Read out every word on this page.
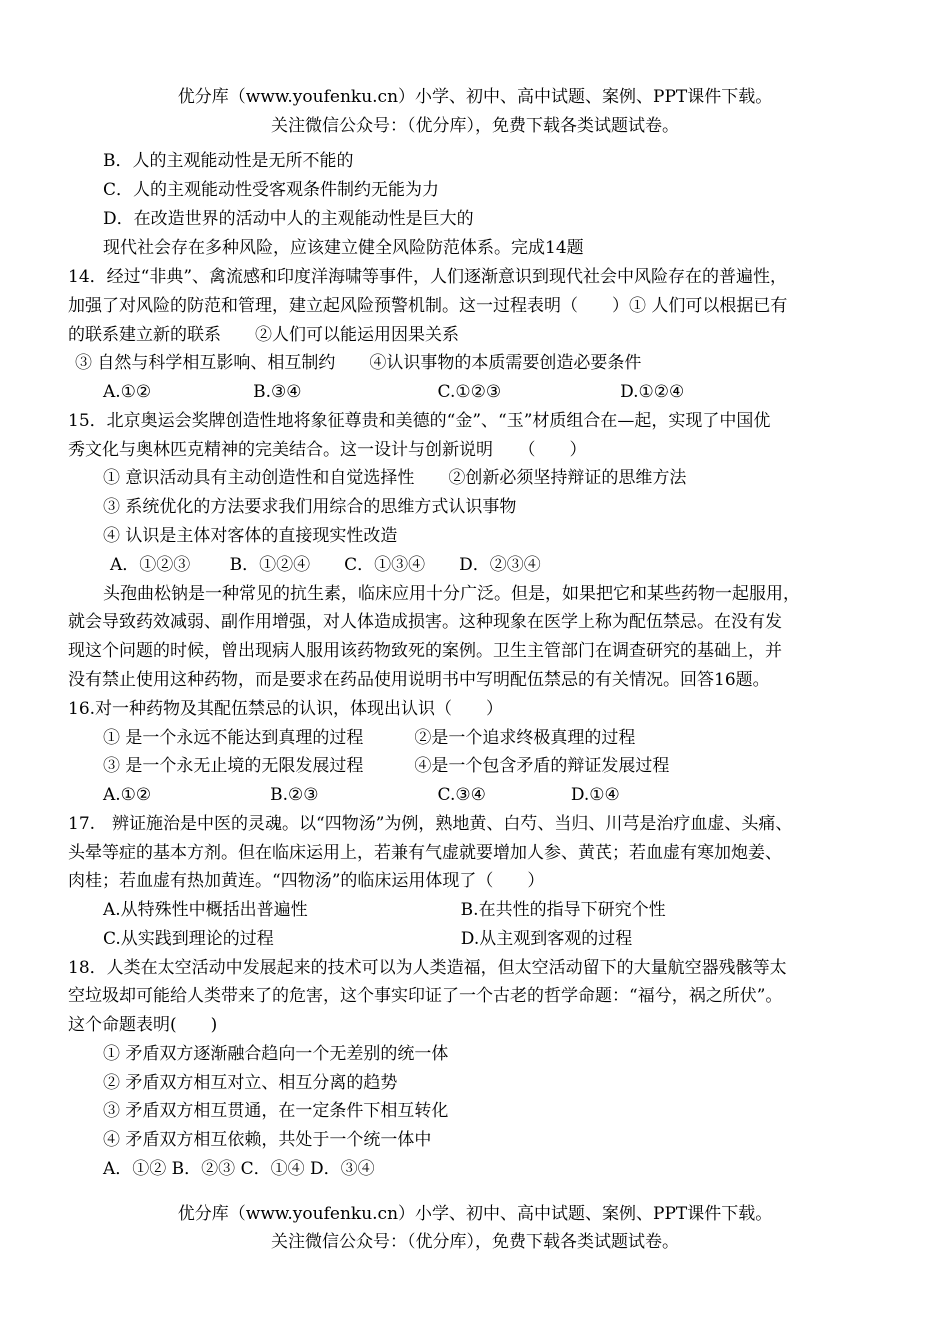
优分库（www.youfenku.cn）小学、初中、高中试题、案例、PPT课件下载。
关注微信公众号：（优分库），免费下载各类试题试卷。
B．人的主观能动性是无所不能的
C．人的主观能动性受客观条件制约无能为力
D．在改造世界的活动中人的主观能动性是巨大的
现代社会存在多种风险，应该建立健全风险防范体系。完成14题
14．经过“非典”、禽流感和印度洋海啸等事件，人们逐渐意识到现代社会中风险存在的普遍性，
加强了对风险的防范和管理，建立起风险预警机制。这一过程表明（　　）① 人们可以根据已有
的联系建立新的联系　　②人们可以能运用因果关系
③ 自然与科学相互影响、相互制约　　④认识事物的本质需要创造必要条件
A.①②　　　　　　B.③④　　　　　　　　C.①②③　　　　　　　D.①②④
15．北京奥运会奖牌创造性地将象征尊贵和美德的“金”、“玉”材质组合在—起，实现了中国优
秀文化与奥林匹克精神的完美结合。这一设计与创新说明　　（　　）
① 意识活动具有主动创造性和自觉选择性　　②创新必须坚持辩证的思维方法
③ 系统优化的方法要求我们用综合的思维方式认识事物
④ 认识是主体对客体的直接现实性改造
A．①②③　　 B．①②④　　C．①③④　　D．②③④
头孢曲松钠是一种常见的抗生素，临床应用十分广泛。但是，如果把它和某些药物一起服用，
就会导致药效减弱、副作用增强，对人体造成损害。这种现象在医学上称为配伍禁忌。在没有发
现这个问题的时候，曾出现病人服用该药物致死的案例。卫生主管部门在调查研究的基础上，并
没有禁止使用这种药物，而是要求在药品使用说明书中写明配伍禁忌的有关情况。回答16题。
16.对一种药物及其配伍禁忌的认识，体现出认识（　　）
① 是一个永远不能达到真理的过程　　　②是一个追求终极真理的过程
③ 是一个永无止境的无限发展过程　　　④是一个包含矛盾的辩证发展过程
A.①②　　　　　　　B.②③　　　　　　　C.③④　　　　　D.①④
17.　辨证施治是中医的灵魂。以“四物汤”为例，熟地黄、白芍、当归、川芎是治疗血虚、头痛、
头晕等症的基本方剂。但在临床运用上，若兼有气虚就要增加人参、黄芪；若血虚有寒加炮姜、
肉桂；若血虚有热加黄连。“四物汤”的临床运用体现了（　　）
A.从特殊性中概括出普遍性　　　　　　　　　B.在共性的指导下研究个性
C.从实践到理论的过程　　　　　　　　　　　D.从主观到客观的过程
18．人类在太空活动中发展起来的技术可以为人类造福，但太空活动留下的大量航空器残骸等太
空垃圾却可能给人类带来了的危害，这个事实印证了一个古老的哲学命题：“福兮，祸之所伏”。
这个命题表明(　　)
① 矛盾双方逐渐融合趋向一个无差别的统一体
② 矛盾双方相互对立、相互分离的趋势
③ 矛盾双方相互贯通，在一定条件下相互转化
④ 矛盾双方相互依赖，共处于一个统一体中
A．①② B．②③ C．①④ D．③④
优分库（www.youfenku.cn）小学、初中、高中试题、案例、PPT课件下载。
关注微信公众号：（优分库），免费下载各类试题试卷。
